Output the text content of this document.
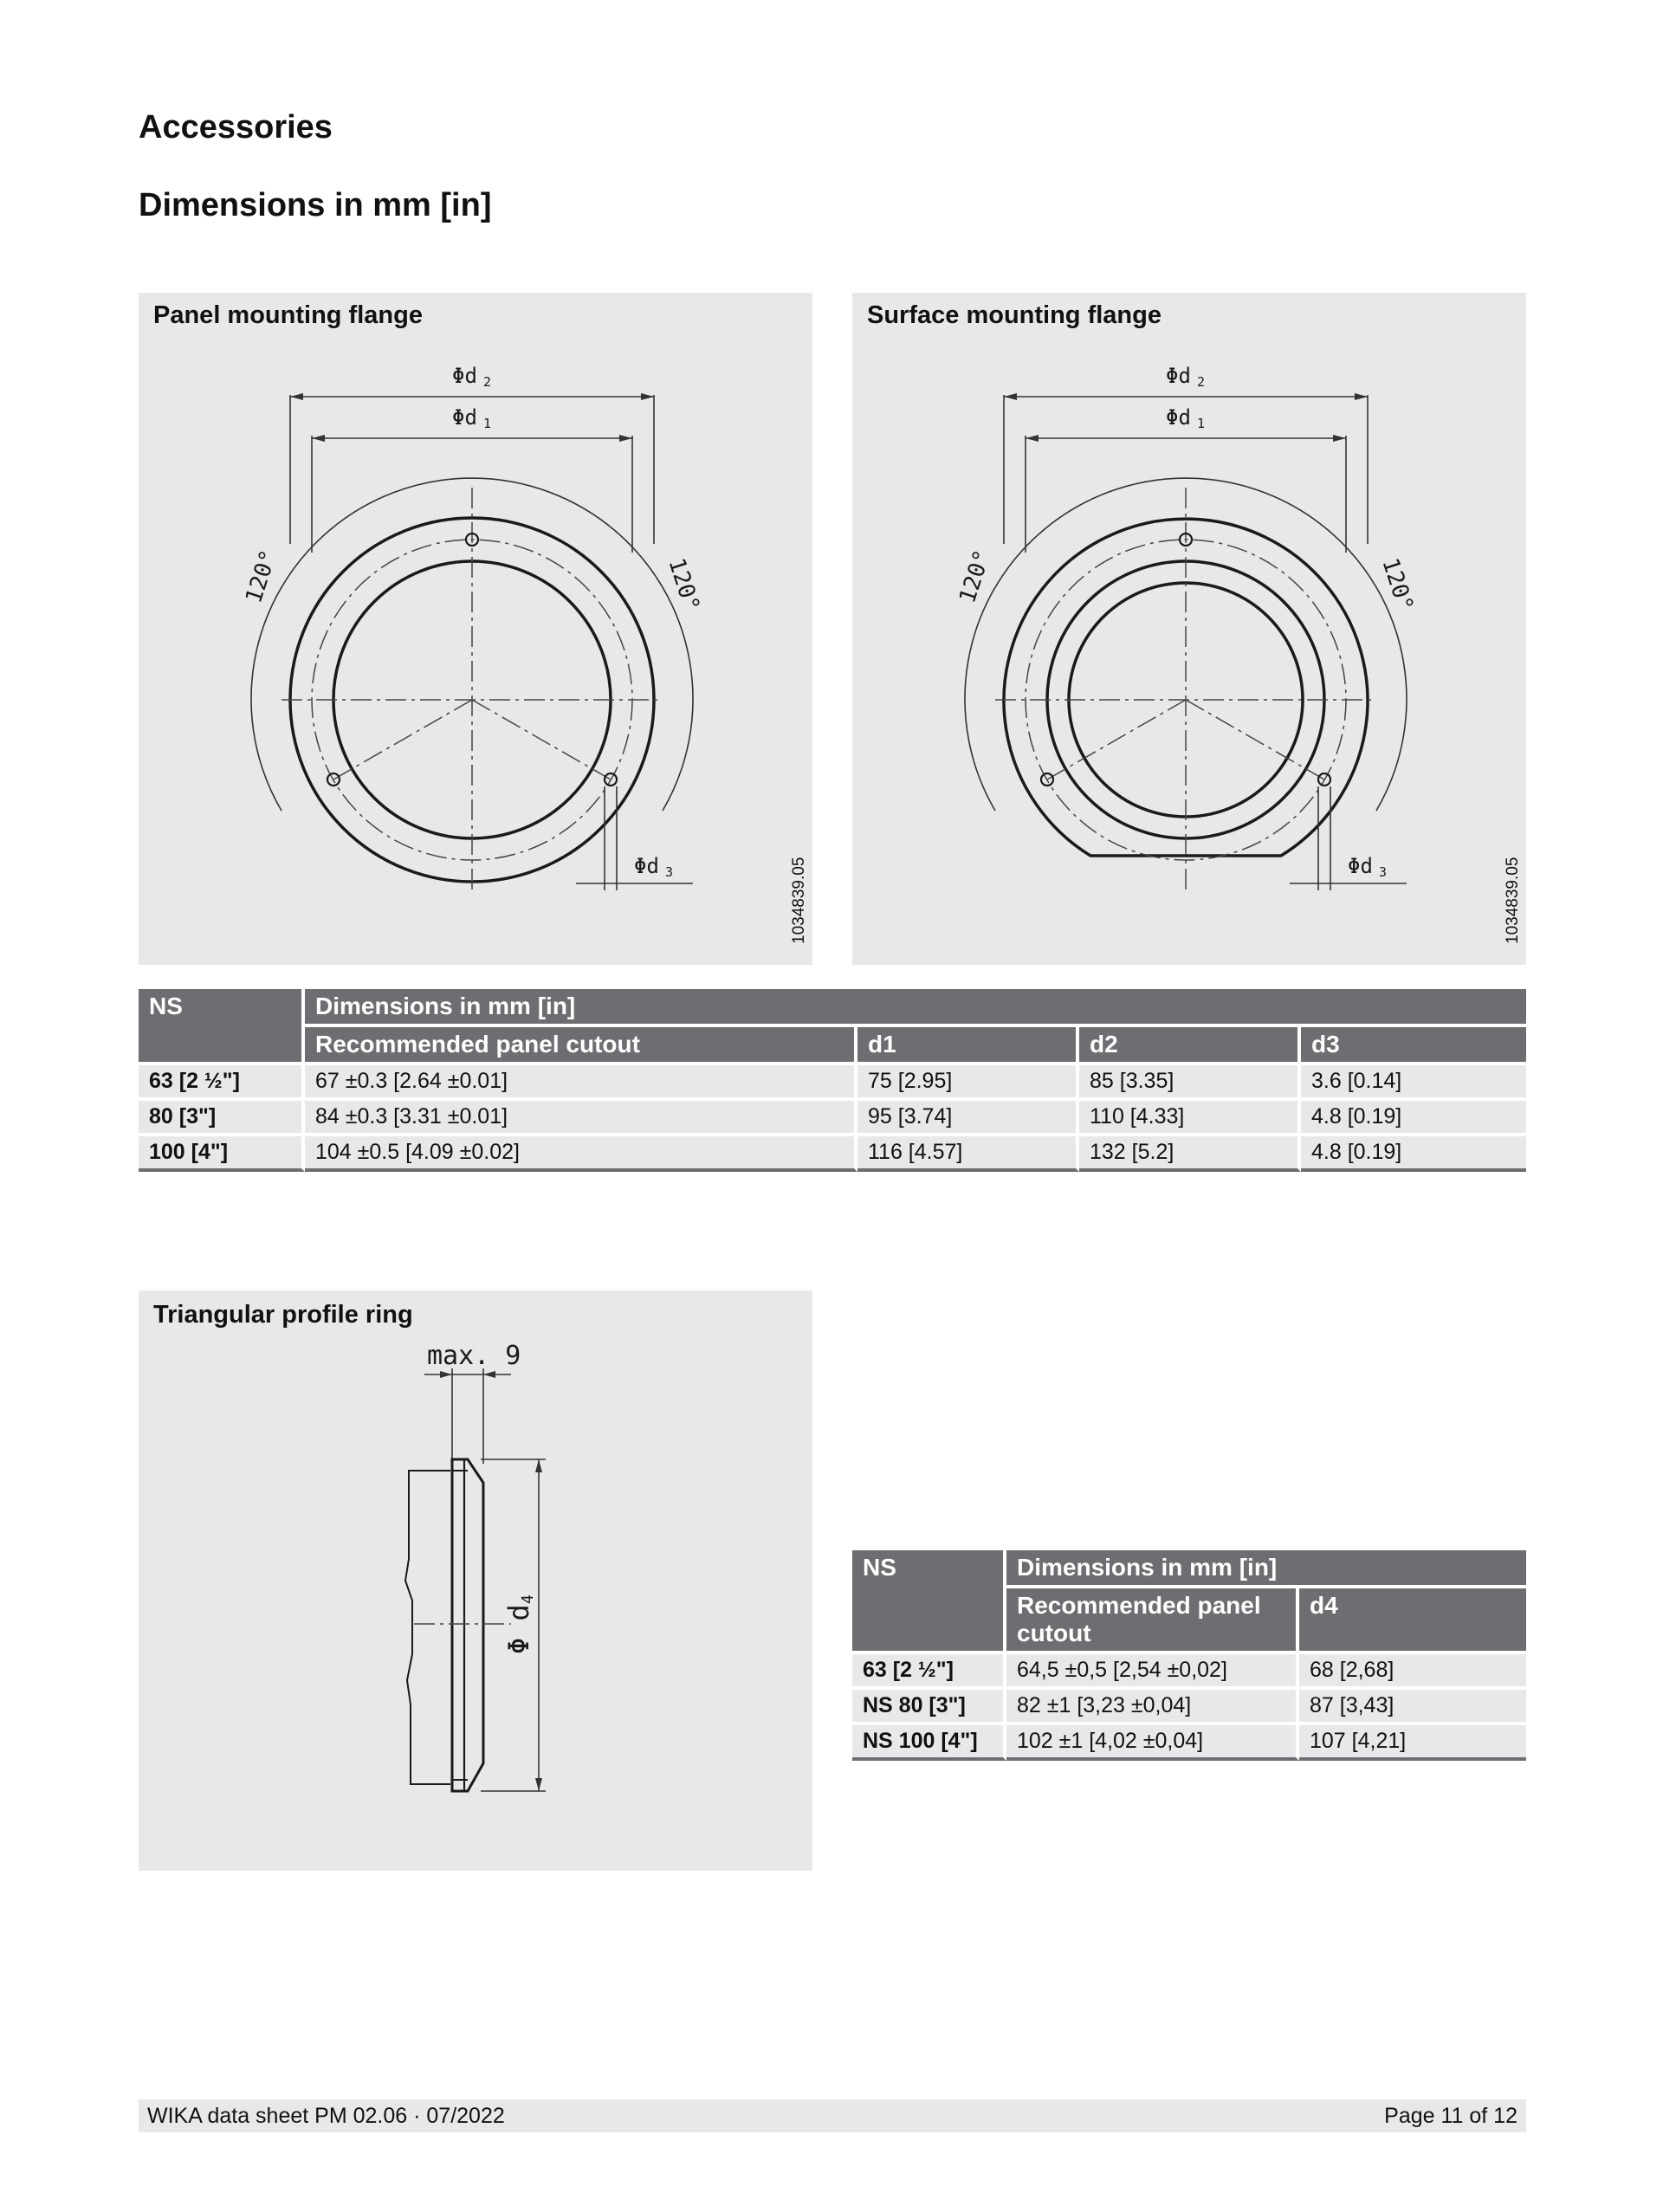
Accessories
Dimensions in mm [in]
Panel mounting flange
1034839.05
Φd 2
Φd 1
Φd 3
120°	120°
Surface mounting flange
1034839.05
Φd 2
Φd 1
Φd 3
120°	120°
NS	Dimensions in mm [in]			
	Recommended panel cutout	d1	d2	d3
63 [2 ½"]	67 ±0.3 [2.64 ±0.01]	75 [2.95]	85 [3.35]	3.6 [0.14]
80 [3"]	84 ±0.3 [3.31 ±0.01]	95 [3.74]	110 [4.33]	4.8 [0.19]
100 [4"]	104 ±0.5 [4.09 ±0.02]	116 [4.57]	132 [5.2]	4.8 [0.19]
Triangular profile ring
max. 9
Φ d
4
NS	Dimensions in mm [in]	
	Recommended panel cutout	d4
63 [2 ½"]	64,5 ±0,5 [2,54 ±0,02]	68 [2,68]
NS 80 [3"]	82 ±1 [3,23 ±0,04]	87 [3,43]
NS 100 [4"]	102 ±1 [4,02 ±0,04]	107 [4,21]
WIKA data sheet PM 02.06 · 07/2022	Page 11 of 12
